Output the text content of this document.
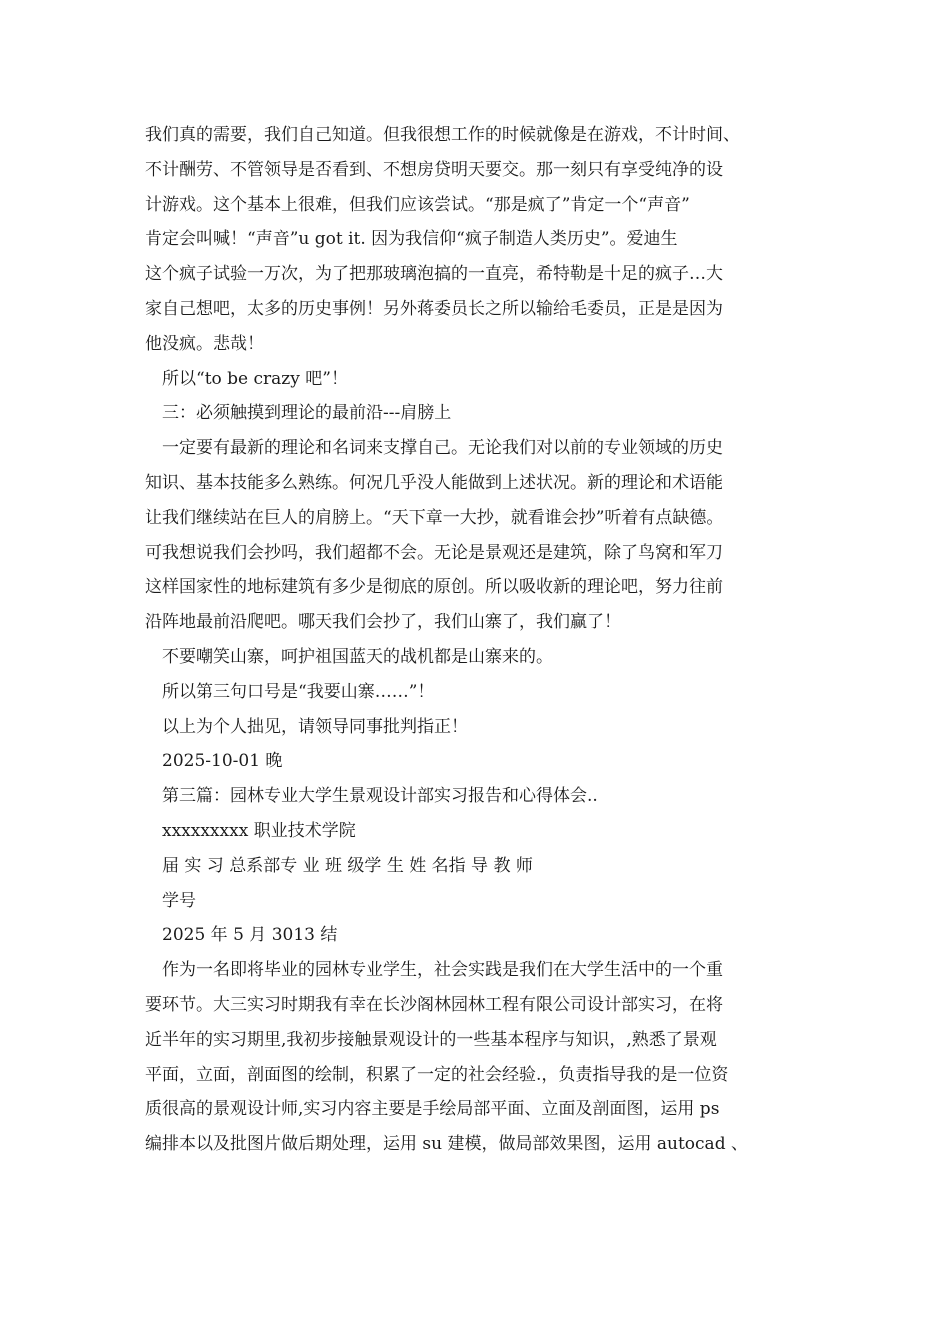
我们真的需要，我们自己知道。但我很想工作的时候就像是在游戏，不计时间、
不计酬劳、不管领导是否看到、不想房贷明天要交。那一刻只有享受纯净的设
计游戏。这个基本上很难，但我们应该尝试。“那是疯了”肯定一个“声音”
肯定会叫喊！“声音”u got it. 因为我信仰“疯子制造人类历史”。爱迪生
这个疯子试验一万次，为了把那玻璃泡搞的一直亮，希特勒是十足的疯子…大
家自己想吧，太多的历史事例！另外蒋委员长之所以输给毛委员，正是是因为
他没疯。悲哉！
所以“to be crazy 吧”！
三：必须触摸到理论的最前沿---肩膀上
一定要有最新的理论和名词来支撑自己。无论我们对以前的专业领域的历史
知识、基本技能多么熟练。何况几乎没人能做到上述状况。新的理论和术语能
让我们继续站在巨人的肩膀上。“天下章一大抄，就看谁会抄”听着有点缺德。
可我想说我们会抄吗，我们超都不会。无论是景观还是建筑，除了鸟窝和军刀
这样国家性的地标建筑有多少是彻底的原创。所以吸收新的理论吧，努力往前
沿阵地最前沿爬吧。哪天我们会抄了，我们山寨了，我们赢了！
不要嘲笑山寨，呵护祖国蓝天的战机都是山寨来的。
所以第三句口号是“我要山寨……”！
以上为个人拙见，请领导同事批判指正！
2025-10-01 晚
第三篇：园林专业大学生景观设计部实习报告和心得体会..
xxxxxxxxx 职业技术学院
届 实 习 总系部专 业 班 级学 生 姓 名指 导 教 师
学号
2025 年 5 月 3013 结
作为一名即将毕业的园林专业学生，社会实践是我们在大学生活中的一个重
要环节。大三实习时期我有幸在长沙阁林园林工程有限公司设计部实习，在将
近半年的实习期里,我初步接触景观设计的一些基本程序与知识，,熟悉了景观
平面，立面，剖面图的绘制，积累了一定的社会经验.，负责指导我的是一位资
质很高的景观设计师,实习内容主要是手绘局部平面、立面及剖面图，运用 ps
编排本以及批图片做后期处理，运用 su 建模，做局部效果图，运用 autocad 、
